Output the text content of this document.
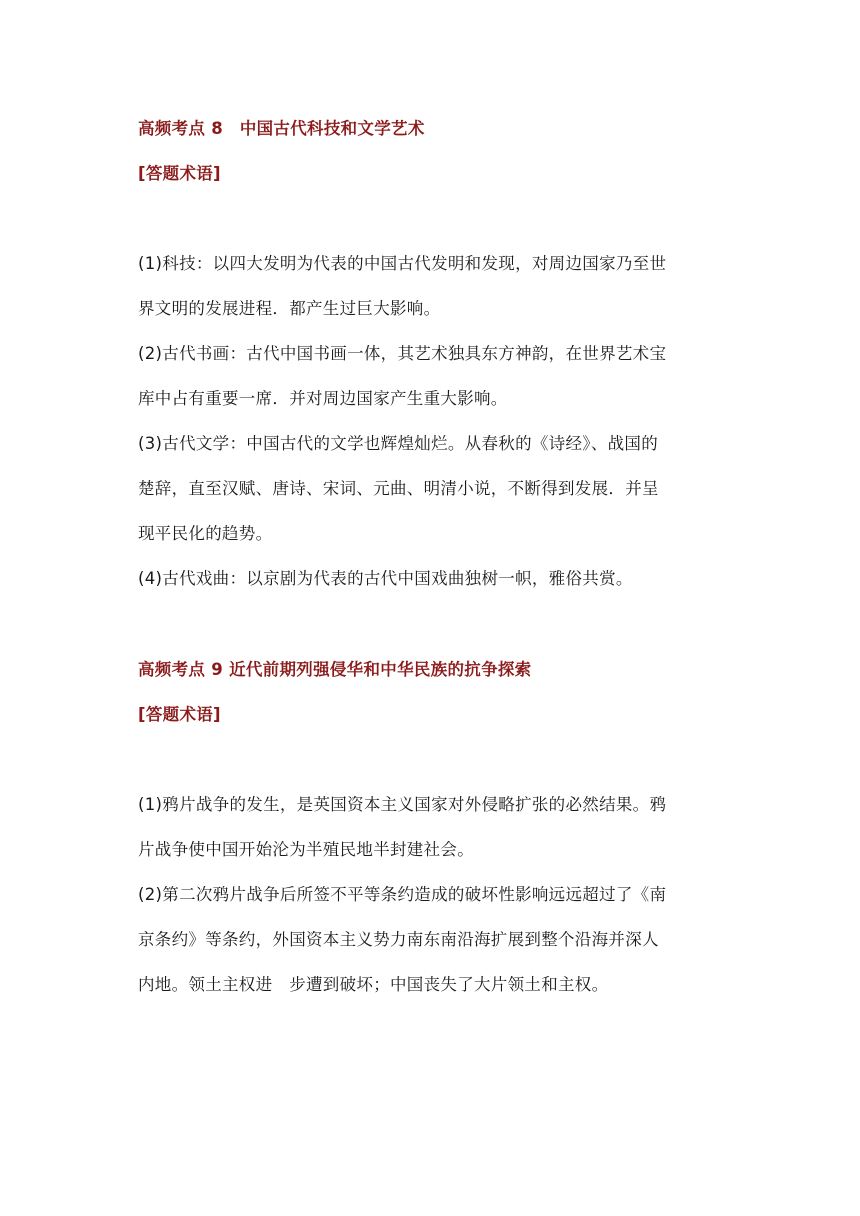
高频考点 8　中国古代科技和文学艺术
[答题术语]
(1)科技：以四大发明为代表的中国古代发明和发现，对周边国家乃至世
界文明的发展进程．都产生过巨大影响。
(2)古代书画：古代中国书画一体，其艺术独具东方神韵，在世界艺术宝
库中占有重要一席．并对周边国家产生重大影响。
(3)古代文学：中国古代的文学也辉煌灿烂。从春秋的《诗经》、战国的
楚辞，直至汉赋、唐诗、宋词、元曲、明清小说，不断得到发展．并呈
现平民化的趋势。
(4)古代戏曲：以京剧为代表的古代中国戏曲独树一帜，雅俗共赏。
高频考点 9 近代前期列强侵华和中华民族的抗争探索
[答题术语]
(1)鸦片战争的发生，是英国资本主义国家对外侵略扩张的必然结果。鸦
片战争使中国开始沦为半殖民地半封建社会。
(2)第二次鸦片战争后所签不平等条约造成的破坏性影响远远超过了《南
京条约》等条约，外国资本主义势力南东南沿海扩展到整个沿海并深人
内地。领土主权进　步遭到破坏；中国丧失了大片领土和主权。
